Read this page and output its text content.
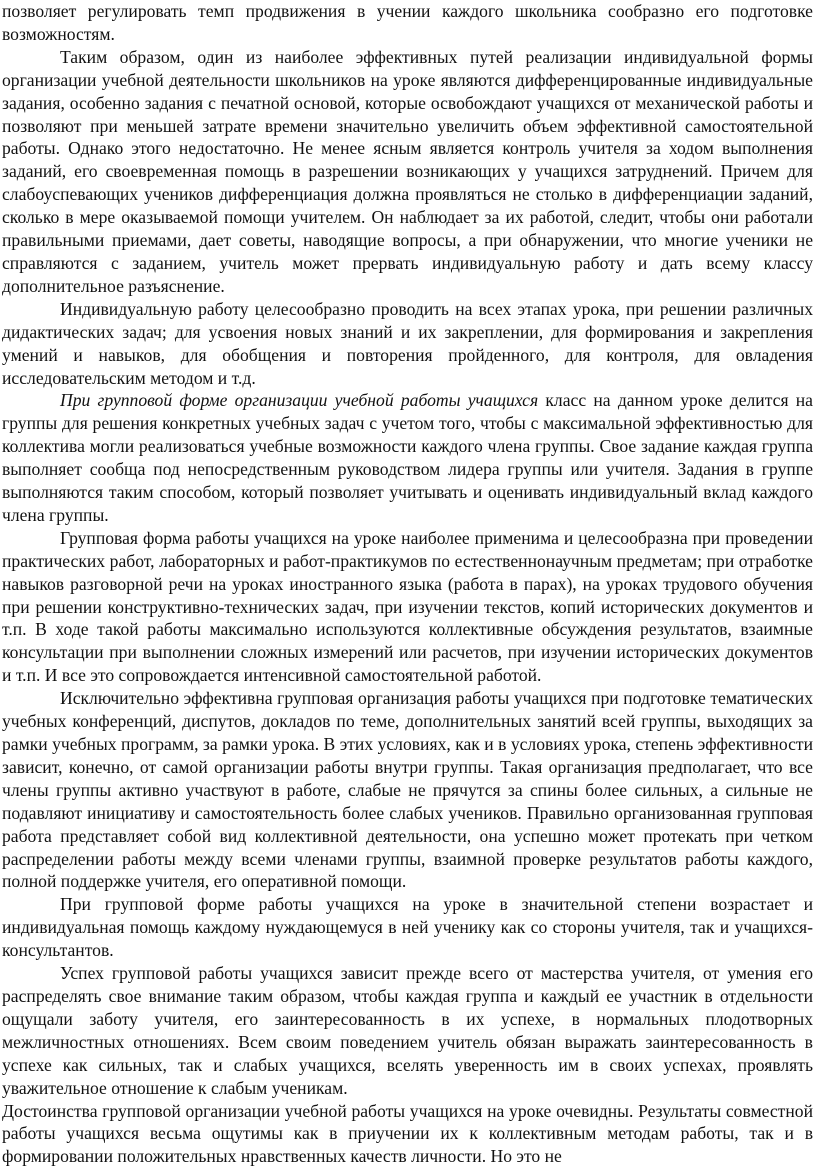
позволяет регулировать темп продвижения в учении каждого школьника сообразно его подготовке возможностям.

Таким образом, один из наиболее эффективных путей реализации индивидуальной формы организации учебной деятельности школьников на уроке являются дифференцированные индивидуальные задания, особенно задания с печатной основой, которые освобождают учащихся от механической работы и позволяют при меньшей затрате времени значительно увеличить объем эффективной самостоятельной работы. Однако этого недостаточно. Не менее ясным является контроль учителя за ходом выполнения заданий, его своевременная помощь в разрешении возникающих у учащихся затруднений. Причем для слабоуспевающих учеников дифференциация должна проявляться не столько в дифференциации заданий, сколько в мере оказываемой помощи учителем. Он наблюдает за их работой, следит, чтобы они работали правильными приемами, дает советы, наводящие вопросы, а при обнаружении, что многие ученики не справляются с заданием, учитель может прервать индивидуальную работу и дать всему классу дополнительное разъяснение.

Индивидуальную работу целесообразно проводить на всех этапах урока, при решении различных дидактических задач; для усвоения новых знаний и их закреплении, для формирования и закрепления умений и навыков, для обобщения и повторения пройденного, для контроля, для овладения исследовательским методом и т.д.

При групповой форме организации учебной работы учащихся класс на данном уроке делится на группы для решения конкретных учебных задач с учетом того, чтобы с максимальной эффективностью для коллектива могли реализоваться учебные возможности каждого члена группы. Свое задание каждая группа выполняет сообща под непосредственным руководством лидера группы или учителя. Задания в группе выполняются таким способом, который позволяет учитывать и оценивать индивидуальный вклад каждого члена группы.

Групповая форма работы учащихся на уроке наиболее применима и целесообразна при проведении практических работ, лабораторных и работ-практикумов по естественнонаучным предметам; при отработке навыков разговорной речи на уроках иностранного языка (работа в парах), на уроках трудового обучения при решении конструктивно-технических задач, при изучении текстов, копий исторических документов и т.п. В ходе такой работы максимально используются коллективные обсуждения результатов, взаимные консультации при выполнении сложных измерений или расчетов, при изучении исторических документов и т.п. И все это сопровождается интенсивной самостоятельной работой.

Исключительно эффективна групповая организация работы учащихся при подготовке тематических учебных конференций, диспутов, докладов по теме, дополнительных занятий всей группы, выходящих за рамки учебных программ, за рамки урока. В этих условиях, как и в условиях урока, степень эффективности зависит, конечно, от самой организации работы внутри группы. Такая организация предполагает, что все члены группы активно участвуют в работе, слабые не прячутся за спины более сильных, а сильные не подавляют инициативу и самостоятельность более слабых учеников. Правильно организованная групповая работа представляет собой вид коллективной деятельности, она успешно может протекать при четком распределении работы между всеми членами группы, взаимной проверке результатов работы каждого, полной поддержке учителя, его оперативной помощи.

При групповой форме работы учащихся на уроке в значительной степени возрастает и индивидуальная помощь каждому нуждающемуся в ней ученику как со стороны учителя, так и учащихся-консультантов.

Успех групповой работы учащихся зависит прежде всего от мастерства учителя, от умения его распределять свое внимание таким образом, чтобы каждая группа и каждый ее участник в отдельности ощущали заботу учителя, его заинтересованность в их успехе, в нормальных плодотворных межличностных отношениях. Всем своим поведением учитель обязан выражать заинтересованность в успехе как сильных, так и слабых учащихся, вселять уверенность им в своих успехах, проявлять уважительное отношение к слабым ученикам.

Достоинства групповой организации учебной работы учащихся на уроке очевидны. Результаты совместной работы учащихся весьма ощутимы как в приучении их к коллективным методам работы, так и в формировании положительных нравственных качеств личности. Но это не
